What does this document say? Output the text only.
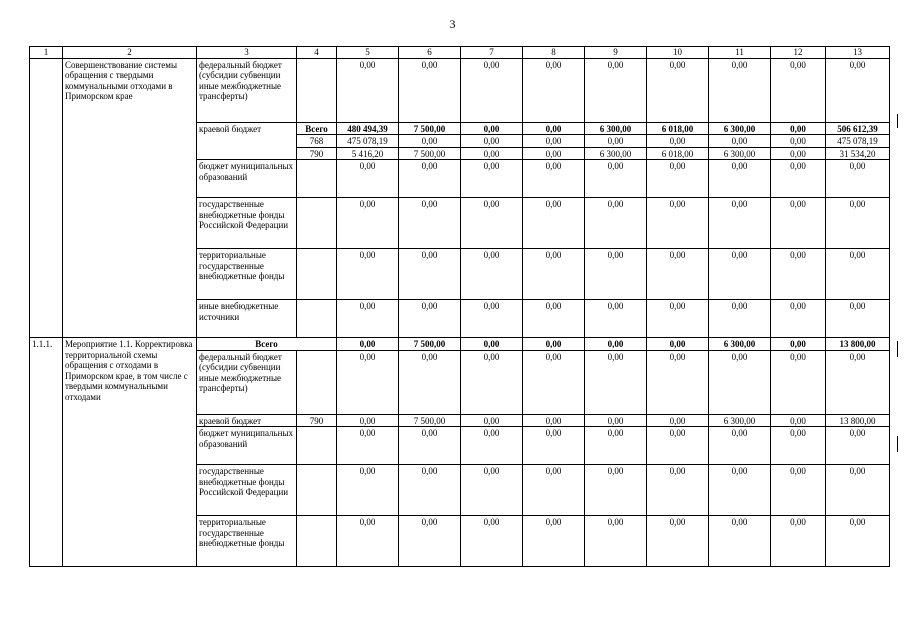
3
1	2	3	4	5	6	7	8	9	10	11	12	13
	Совершенствование системы обращения с твердыми коммунальными отходами в Приморском крае	федеральный бюджет (субсидии субвенции иные межбюджетные трансферты)		0,00	0,00	0,00	0,00	0,00	0,00	0,00	0,00	0,00
		краевой бюджет	Всего	480 494,39	7 500,00	0,00	0,00	6 300,00	6 018,00	6 300,00	0,00	506 612,39
			768	475 078,19	0,00	0,00	0,00	0,00	0,00	0,00	0,00	475 078,19
			790	5 416,20	7 500,00	0,00	0,00	6 300,00	6 018,00	6 300,00	0,00	31 534,20
		бюджет муниципальных образований		0,00	0,00	0,00	0,00	0,00	0,00	0,00	0,00	0,00
		государственные внебюджетные фонды Российской Федерации		0,00	0,00	0,00	0,00	0,00	0,00	0,00	0,00	0,00
		территориальные государственные внебюджетные фонды		0,00	0,00	0,00	0,00	0,00	0,00	0,00	0,00	0,00
		иные внебюджетные источники		0,00	0,00	0,00	0,00	0,00	0,00	0,00	0,00	0,00
1.1.1.	Мероприятие 1.1. Корректировка территориальной схемы обращения с отходами в Приморском крае, в том числе с твердыми коммунальными отходами	Всего		0,00	7 500,00	0,00	0,00	0,00	0,00	6 300,00	0,00	13 800,00
		федеральный бюджет (субсидии субвенции иные межбюджетные трансферты)		0,00	0,00	0,00	0,00	0,00	0,00	0,00	0,00	0,00
		краевой бюджет	790	0,00	7 500,00	0,00	0,00	0,00	0,00	6 300,00	0,00	13 800,00
		бюджет муниципальных образований		0,00	0,00	0,00	0,00	0,00	0,00	0,00	0,00	0,00
		государственные внебюджетные фонды Российской Федерации		0,00	0,00	0,00	0,00	0,00	0,00	0,00	0,00	0,00
		территориальные государственные внебюджетные фонды		0,00	0,00	0,00	0,00	0,00	0,00	0,00	0,00	0,00
